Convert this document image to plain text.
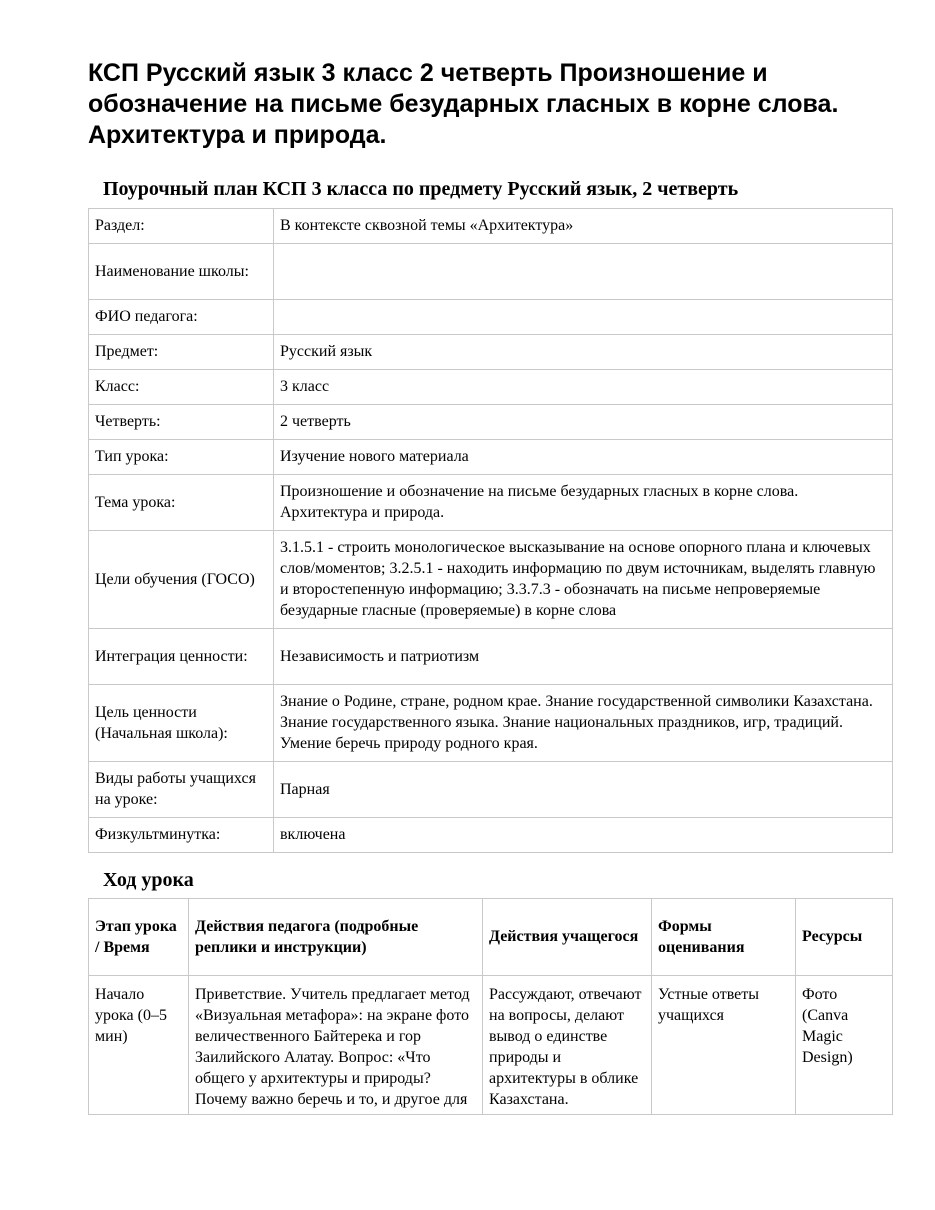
КСП Русский язык 3 класс 2 четверть Произношение и обозначение на письме безударных гласных в корне слова. Архитектура и природа.
Поурочный план КСП 3 класса по предмету Русский язык, 2 четверть
Раздел:	В контексте сквозной темы «Архитектура»
Наименование школы:	
ФИО педагога:	
Предмет:	Русский язык
Класс:	3 класс
Четверть:	2 четверть
Тип урока:	Изучение нового материала
Тема урока:	Произношение и обозначение на письме безударных гласных в корне слова. Архитектура и природа.
Цели обучения (ГОСО)	3.1.5.1 - строить монологическое высказывание на основе опорного плана и ключевых слов/моментов; 3.2.5.1 - находить информацию по двум источникам, выделять главную и второстепенную информацию; 3.3.7.3 - обозначать на письме непроверяемые безударные гласные (проверяемые) в корне слова
Интеграция ценности:	Независимость и патриотизм
Цель ценности (Начальная школа):	Знание о Родине, стране, родном крае. Знание государственной символики Казахстана. Знание государственного языка. Знание национальных праздников, игр, традиций. Умение беречь природу родного края.
Виды работы учащихся на уроке:	Парная
Физкультминутка:	включена
Ход урока
Этап урока / Время	Действия педагога (подробные реплики и инструкции)	Действия учащегося	Формы оценивания	Ресурсы
Начало урока (0–5 мин)	Приветствие. Учитель предлагает метод «Визуальная метафора»: на экране фото величественного Байтерека и гор Заилийского Алатау. Вопрос: «Что общего у архитектуры и природы? Почему важно беречь и то, и другое для	Рассуждают, отвечают на вопросы, делают вывод о единстве природы и архитектуры в облике Казахстана.	Устные ответы учащихся	Фото (Canva Magic Design)
